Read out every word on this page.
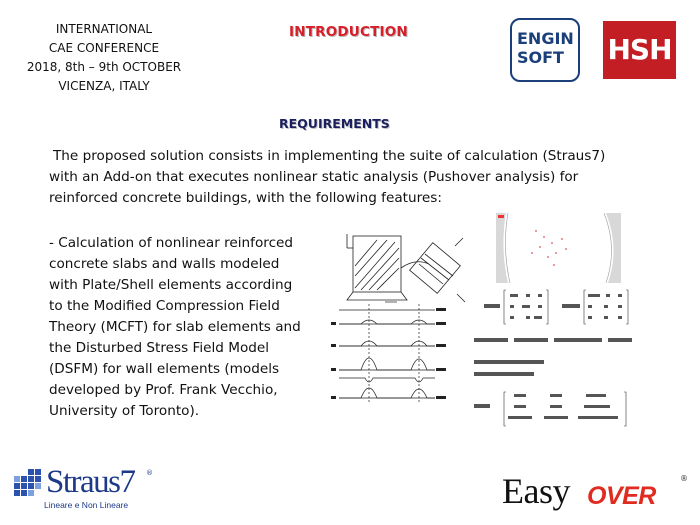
INTERNATIONAL
CAE CONFERENCE
2018, 8th – 9th OCTOBER
VICENZA, ITALY
INTRODUCTION	ENGIN
SOFT	HSH
REQUIREMENTS
The proposed solution consists in implementing the suite of calculation (Straus7)
with an Add-on that executes nonlinear static analysis (Pushover analysis) for
reinforced concrete buildings, with the following features:
- Calculation of nonlinear reinforced
concrete slabs and walls modeled
with Plate/Shell elements according
to the Modified Compression Field
Theory (MCFT) for slab elements and
the Disturbed Stress Field Model
(DSFM) for wall elements (models
developed by Prof. Frank Vecchio,
University of Toronto).
Straus7 ®
Lineare e Non Lineare	Easy OVER
®
